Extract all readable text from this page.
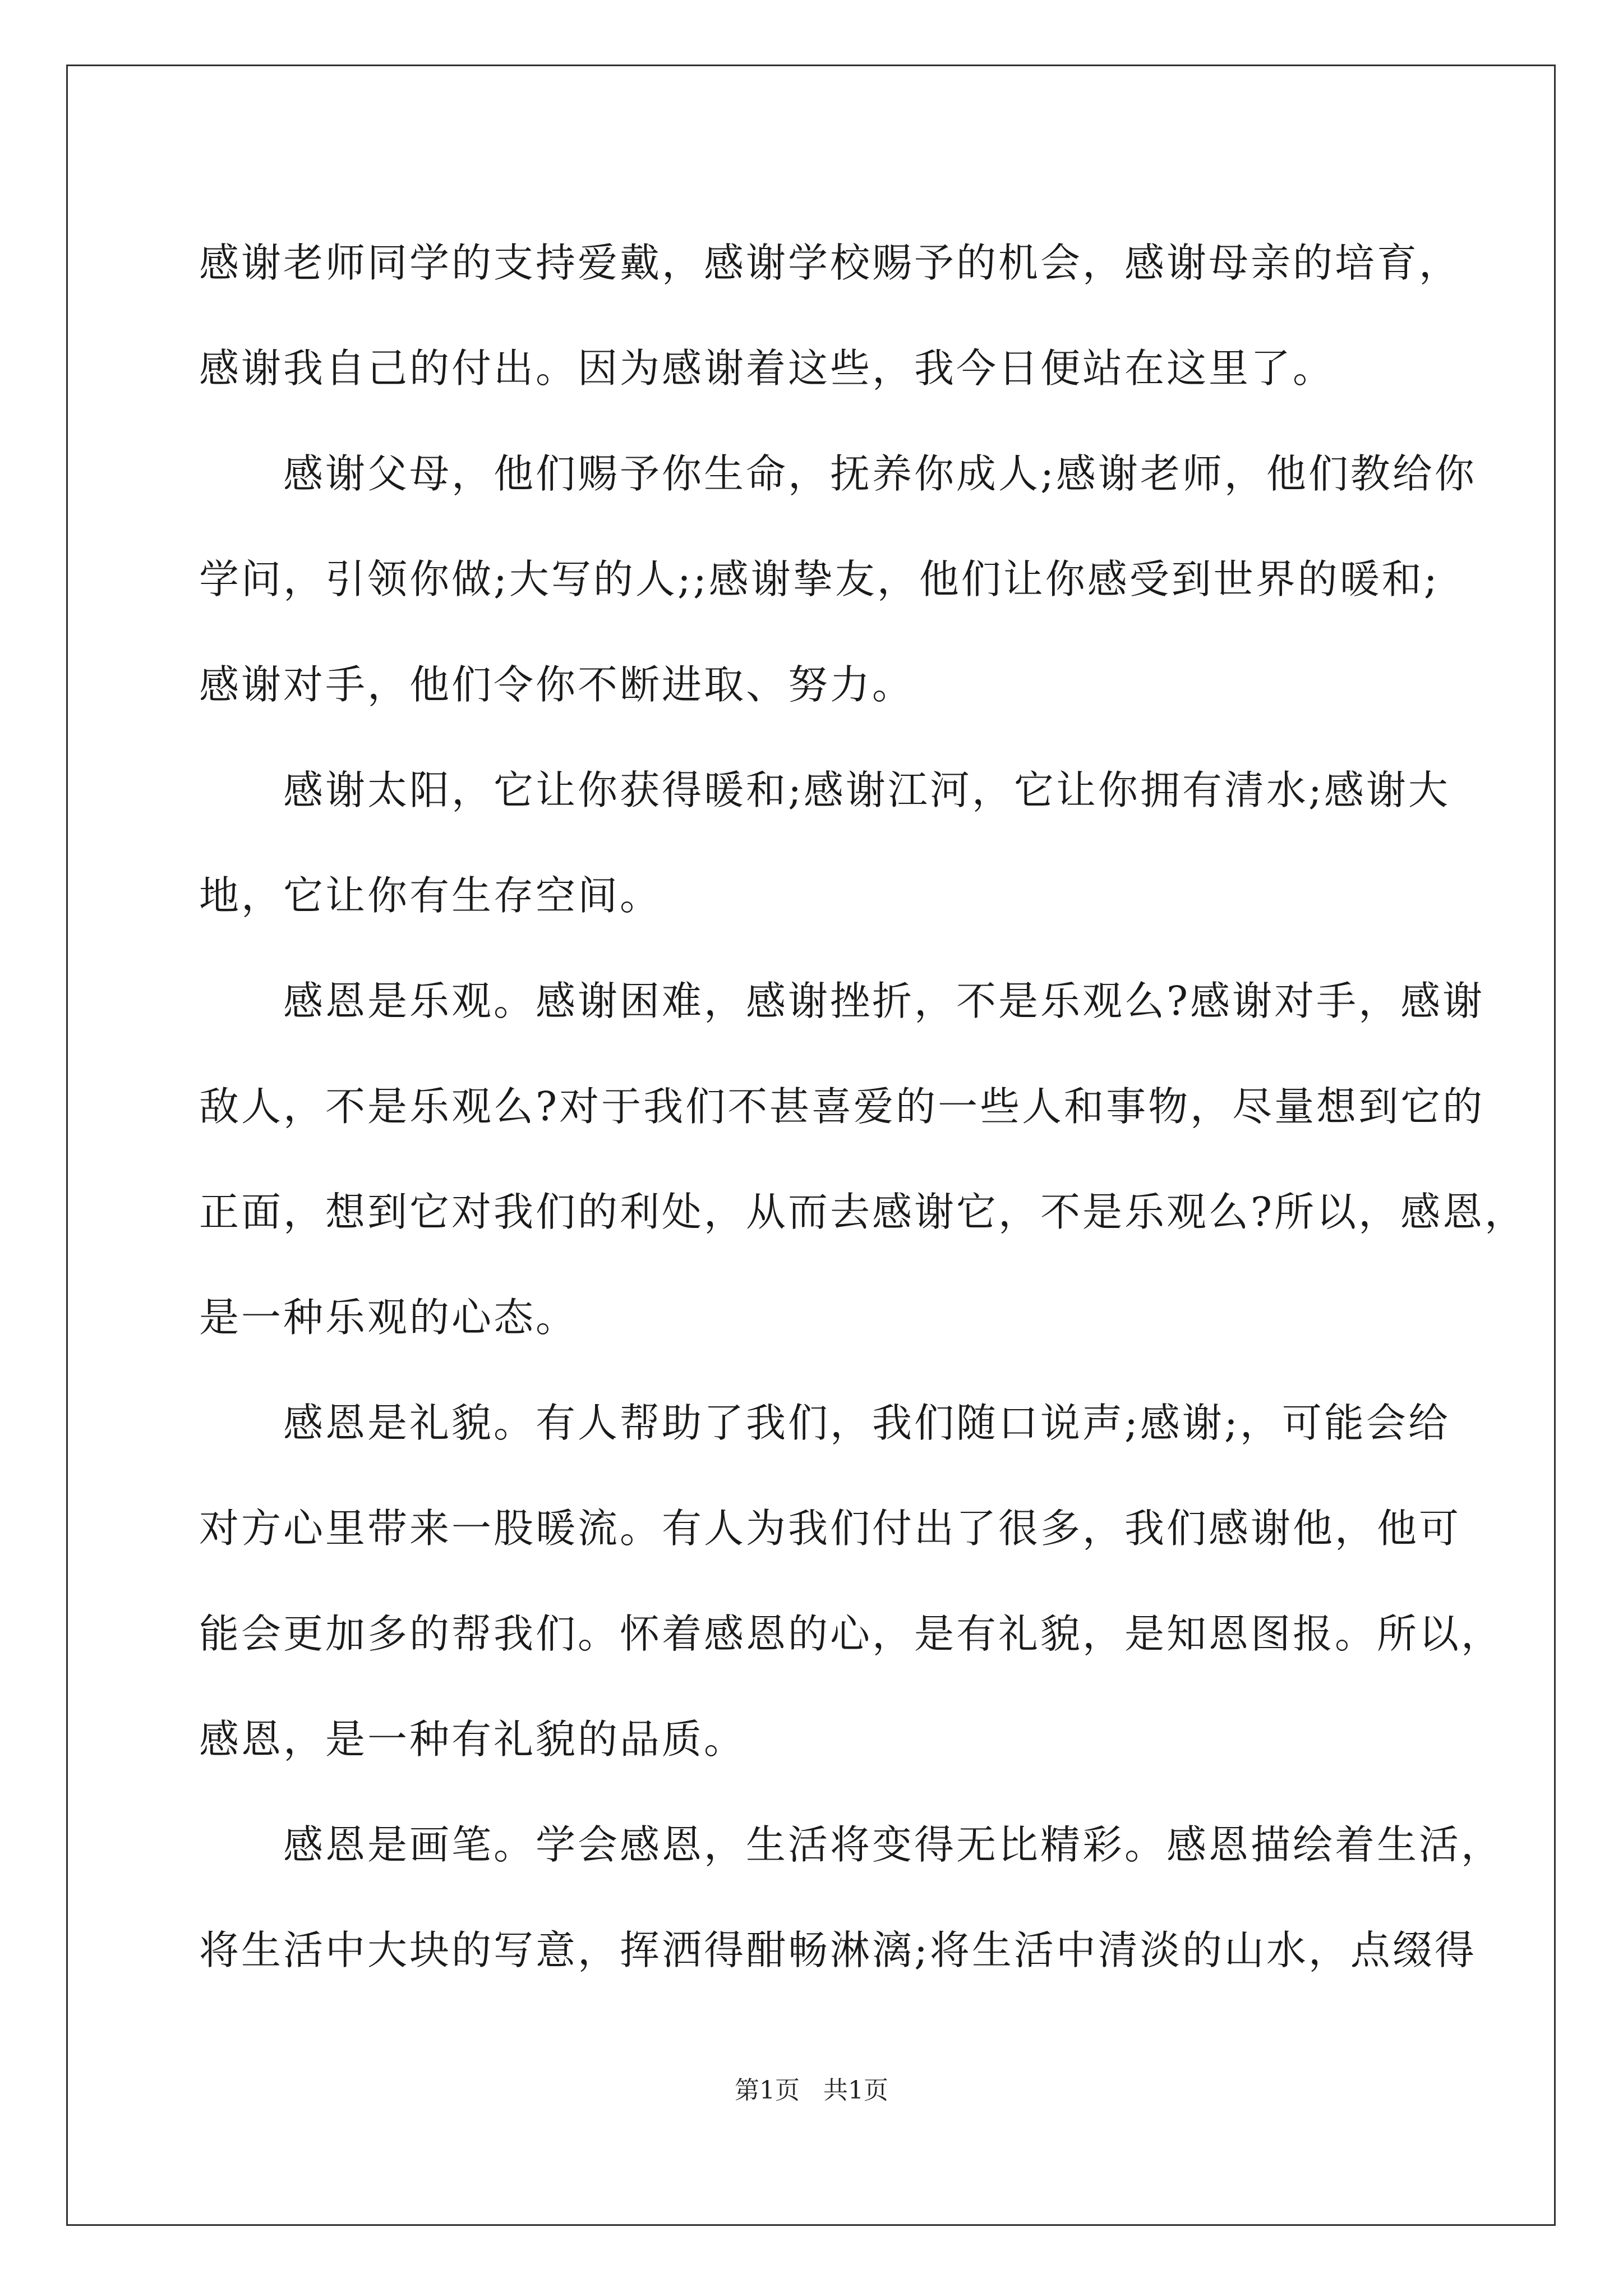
感谢老师同学的支持爱戴，感谢学校赐予的机会，感谢母亲的培育，
感谢我自己的付出。因为感谢着这些，我今日便站在这里了。
感谢父母，他们赐予你生命，抚养你成人;感谢老师，他们教给你
学问，引领你做;大写的人;;感谢挚友，他们让你感受到世界的暖和;
感谢对手，他们令你不断进取、努力。
感谢太阳，它让你获得暖和;感谢江河，它让你拥有清水;感谢大
地，它让你有生存空间。
感恩是乐观。感谢困难，感谢挫折，不是乐观么?感谢对手，感谢
敌人，不是乐观么?对于我们不甚喜爱的一些人和事物，尽量想到它的
正面，想到它对我们的利处，从而去感谢它，不是乐观么?所以，感恩，
是一种乐观的心态。
感恩是礼貌。有人帮助了我们，我们随口说声;感谢;，可能会给
对方心里带来一股暖流。有人为我们付出了很多，我们感谢他，他可
能会更加多的帮我们。怀着感恩的心，是有礼貌，是知恩图报。所以，
感恩，是一种有礼貌的品质。
感恩是画笔。学会感恩，生活将变得无比精彩。感恩描绘着生活，
将生活中大块的写意，挥洒得酣畅淋漓;将生活中清淡的山水，点缀得
第1页 共1页
